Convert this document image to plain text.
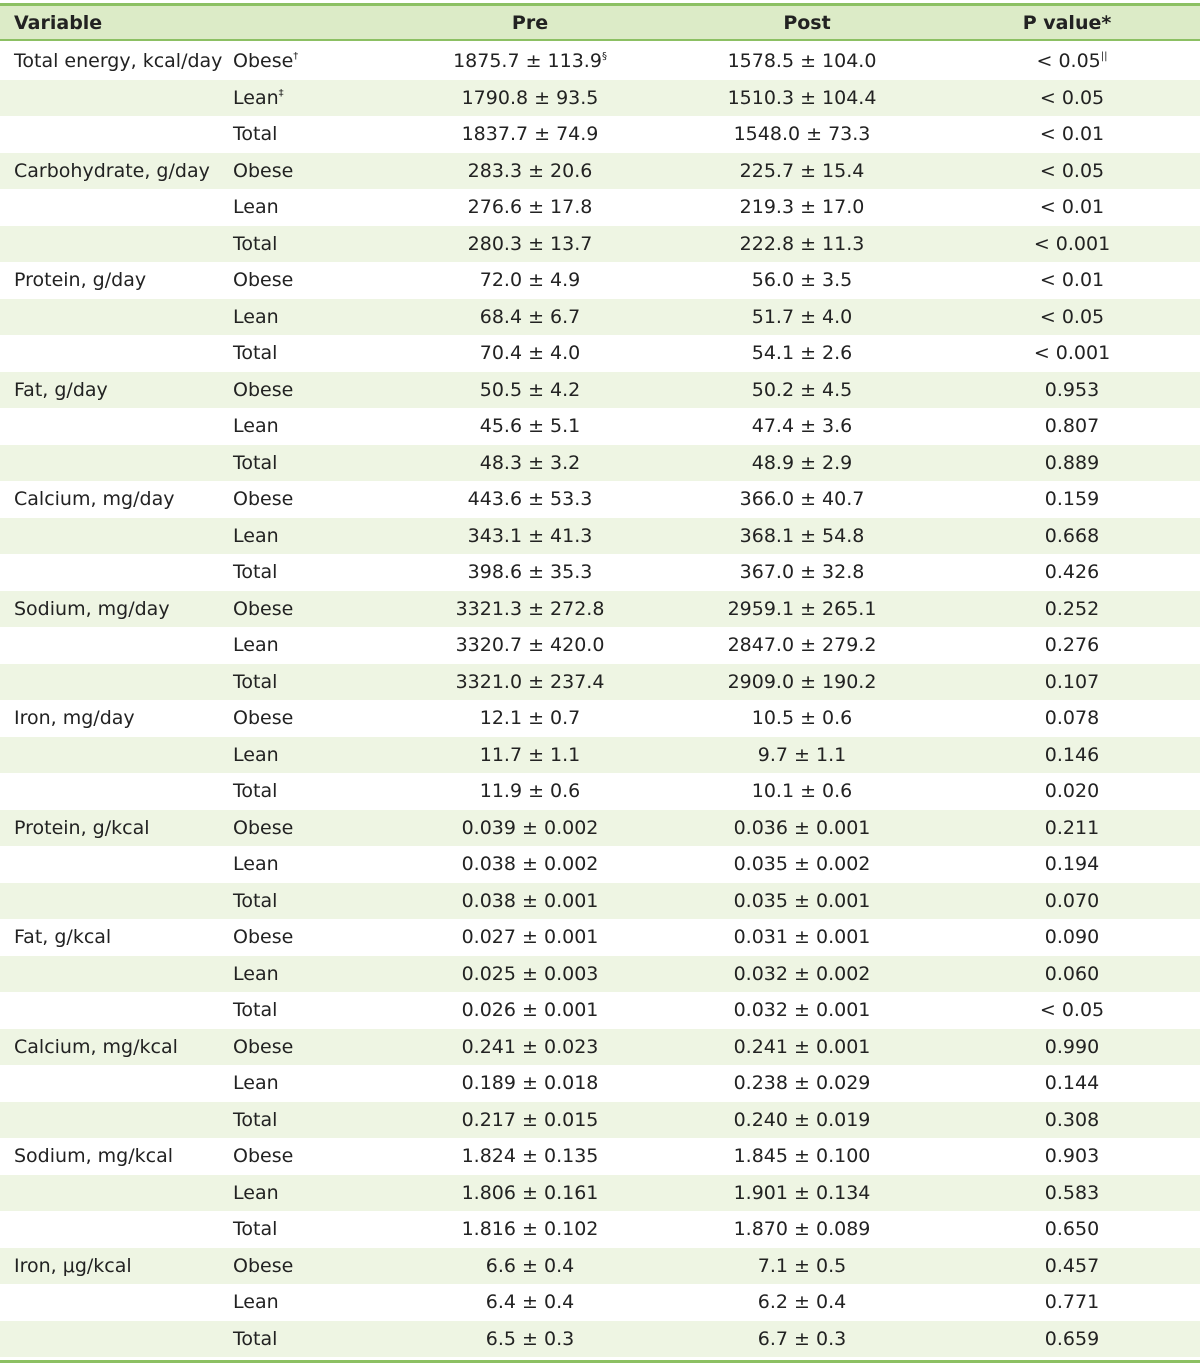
Variable	Pre	Post	P value*
Total energy, kcal/day Obese†	1875.7 ± 113.9§	1578.5 ± 104.0	< 0.05||
Lean‡	1790.8 ± 93.5	1510.3 ± 104.4	< 0.05
Total	1837.7 ± 74.9	1548.0 ± 73.3	< 0.01
Carbohydrate, g/day Obese	283.3 ± 20.6	225.7 ± 15.4	< 0.05
Lean	276.6 ± 17.8	219.3 ± 17.0	< 0.01
Total	280.3 ± 13.7	222.8 ± 11.3	< 0.001
Protein, g/day	Obese	72.0 ± 4.9	56.0 ± 3.5	< 0.01
Lean	68.4 ± 6.7	51.7 ± 4.0	< 0.05
Total	70.4 ± 4.0	54.1 ± 2.6	< 0.001
Fat, g/day	Obese	50.5 ± 4.2	50.2 ± 4.5	0.953
Lean	45.6 ± 5.1	47.4 ± 3.6	0.807
Total	48.3 ± 3.2	48.9 ± 2.9	0.889
Calcium, mg/day	Obese	443.6 ± 53.3	366.0 ± 40.7	0.159
Lean	343.1 ± 41.3	368.1 ± 54.8	0.668
Total	398.6 ± 35.3	367.0 ± 32.8	0.426
Sodium, mg/day	Obese	3321.3 ± 272.8	2959.1 ± 265.1	0.252
Lean	3320.7 ± 420.0	2847.0 ± 279.2	0.276
Total	3321.0 ± 237.4	2909.0 ± 190.2	0.107
Iron, mg/day	Obese	12.1 ± 0.7	10.5 ± 0.6	0.078
Lean	11.7 ± 1.1	9.7 ± 1.1	0.146
Total	11.9 ± 0.6	10.1 ± 0.6	0.020
Protein, g/kcal	Obese	0.039 ± 0.002	0.036 ± 0.001	0.211
Lean	0.038 ± 0.002	0.035 ± 0.002	0.194
Total	0.038 ± 0.001	0.035 ± 0.001	0.070
Fat, g/kcal	Obese	0.027 ± 0.001	0.031 ± 0.001	0.090
Lean	0.025 ± 0.003	0.032 ± 0.002	0.060
Total	0.026 ± 0.001	0.032 ± 0.001	< 0.05
Calcium, mg/kcal	Obese	0.241 ± 0.023	0.241 ± 0.001	0.990
Lean	0.189 ± 0.018	0.238 ± 0.029	0.144
Total	0.217 ± 0.015	0.240 ± 0.019	0.308
Sodium, mg/kcal	Obese	1.824 ± 0.135	1.845 ± 0.100	0.903
Lean	1.806 ± 0.161	1.901 ± 0.134	0.583
Total	1.816 ± 0.102	1.870 ± 0.089	0.650
Iron, μg/kcal	Obese	6.6 ± 0.4	7.1 ± 0.5	0.457
Lean	6.4 ± 0.4	6.2 ± 0.4	0.771
Total	6.5 ± 0.3	6.7 ± 0.3	0.659
